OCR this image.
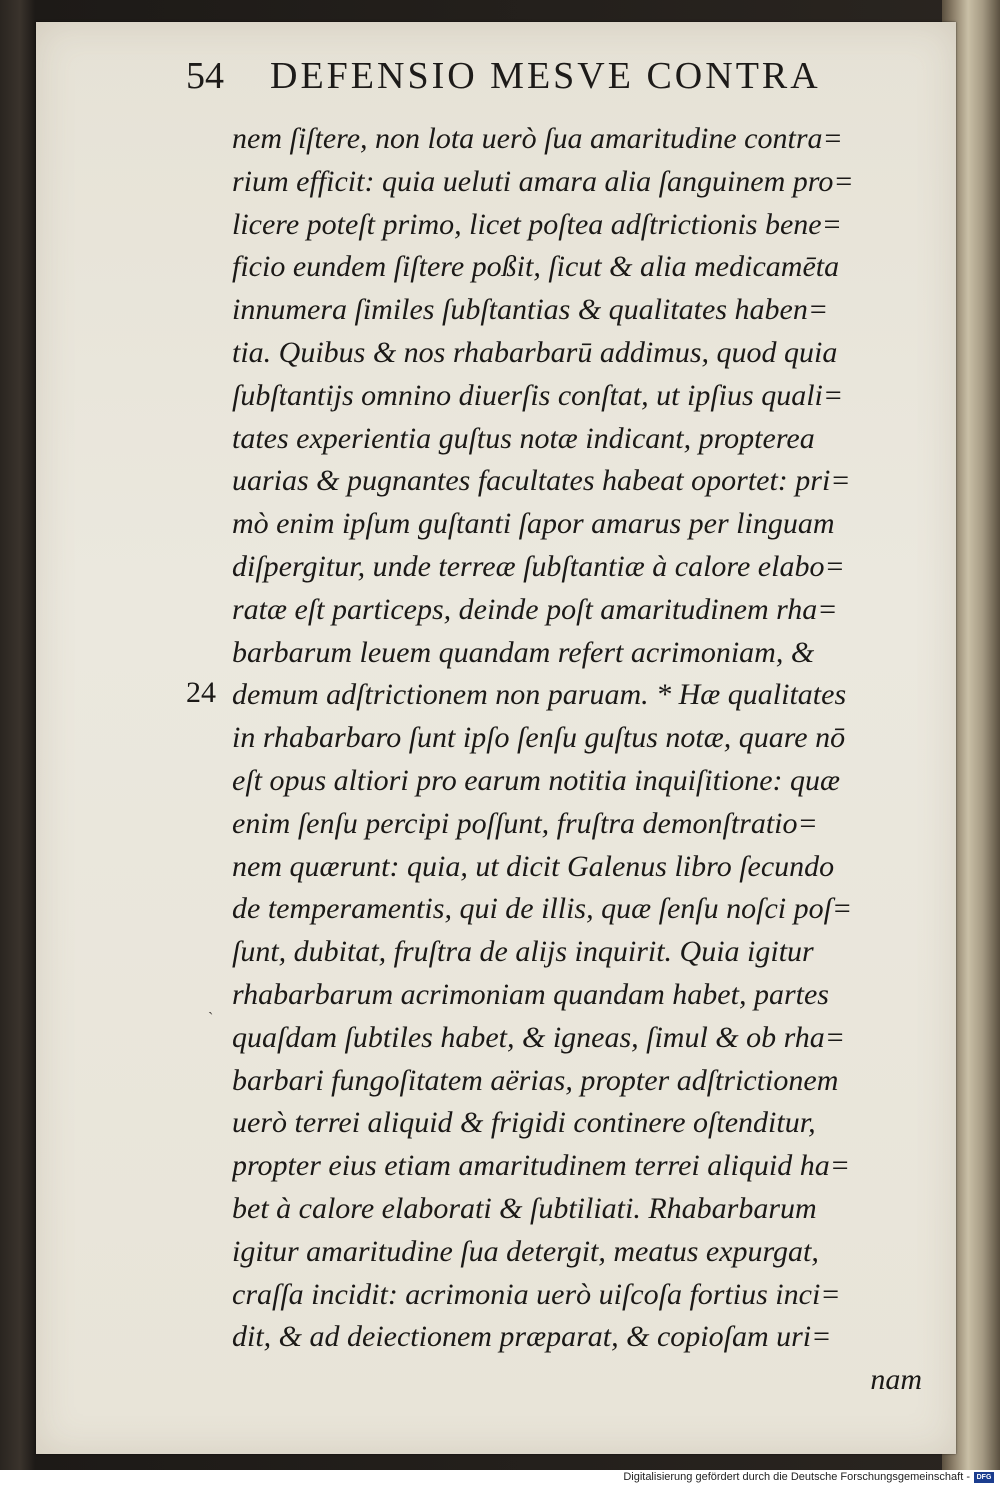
54 DEFENSIO MESVE CONTRA
24
nem ſiſtere, non lota uerò ſua amaritudine contra=
rium efficit: quia ueluti amara alia ſanguinem pro=
licere poteſt primo, licet poſtea adſtrictionis bene=
ficio eundem ſiſtere poßit, ſicut & alia medicamēta
innumera ſimiles ſubſtantias & qualitates haben=
tia. Quibus & nos rhabarbarū addimus, quod quia
ſubſtantijs omnino diuerſis conſtat, ut ipſius quali=
tates experientia guſtus notæ indicant, propterea
uarias & pugnantes facultates habeat oportet: pri=
mò enim ipſum guſtanti ſapor amarus per linguam
diſpergitur, unde terreæ ſubſtantiæ à calore elabo=
ratæ eſt particeps, deinde poſt amaritudinem rha=
barbarum leuem quandam refert acrimoniam, &
demum adſtrictionem non paruam. * Hæ qualitates
in rhabarbaro ſunt ipſo ſenſu guſtus notæ, quare nō
eſt opus altiori pro earum notitia inquiſitione: quæ
enim ſenſu percipi poſſunt, fruſtra demonſtratio=
nem quærunt: quia, ut dicit Galenus libro ſecundo
de temperamentis, qui de illis, quæ ſenſu noſci poſ=
ſunt, dubitat, fruſtra de alijs inquirit. Quia igitur
rhabarbarum acrimoniam quandam habet, partes
quaſdam ſubtiles habet, & igneas, ſimul & ob rha=
barbari fungoſitatem aërias, propter adſtrictionem
uerò terrei aliquid & frigidi continere oſtenditur,
propter eius etiam amaritudinem terrei aliquid ha=
bet à calore elaborati & ſubtiliati. Rhabarbarum
igitur amaritudine ſua detergit, meatus expurgat,
craſſa incidit: acrimonia uerò uiſcoſa fortius inci=
dit, & ad deiectionem præparat, & copioſam uri=
nam
Digitalisierung gefördert durch die Deutsche Forschungsgemeinschaft - DFG
